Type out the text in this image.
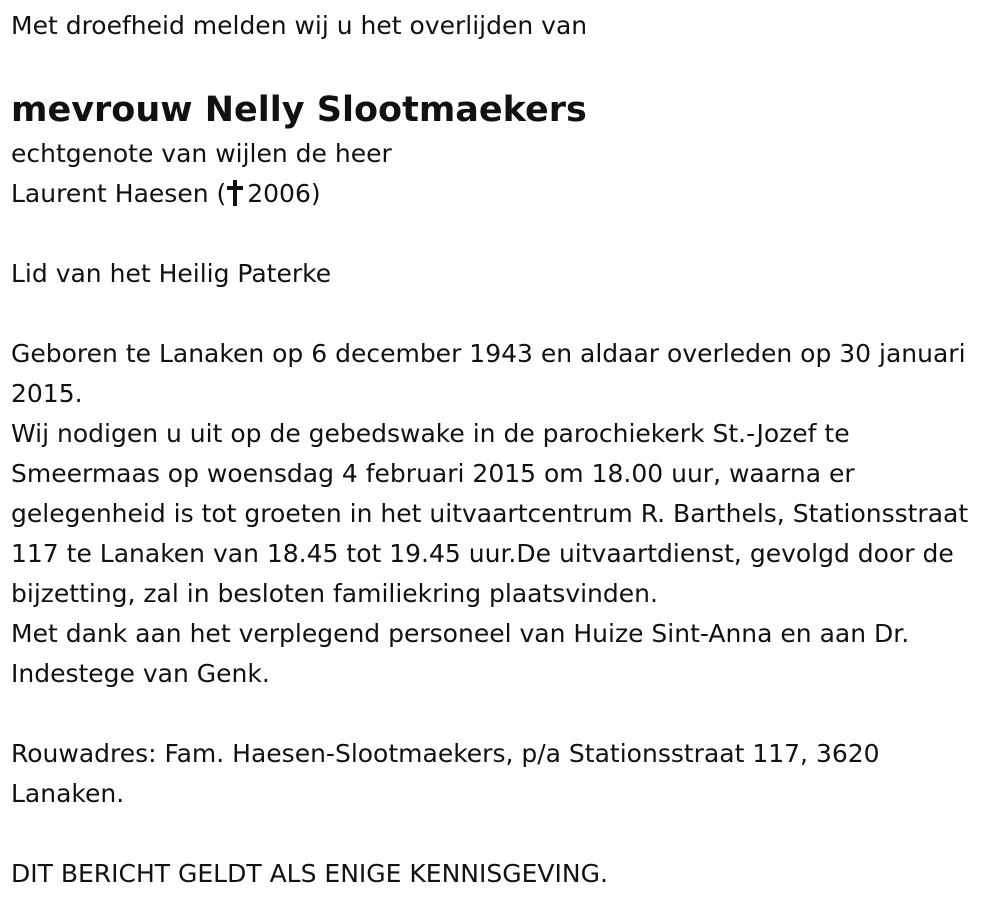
Met droefheid melden wij u het overlijden van
mevrouw Nelly Slootmaekers
echtgenote van wijlen de heer
Laurent Haesen ( 2006)
Lid van het Heilig Paterke
Geboren te Lanaken op 6 december 1943 en aldaar overleden op 30 januari 2015.
Wij nodigen u uit op de gebedswake in de parochiekerk St.-Jozef te Smeermaas op woensdag 4 februari 2015 om 18.00 uur, waarna er gelegenheid is tot groeten in het uitvaartcentrum R. Barthels, Stationsstraat 117 te Lanaken van 18.45 tot 19.45 uur.De uitvaartdienst, gevolgd door de bijzetting, zal in besloten familiekring plaatsvinden.
Met dank aan het verplegend personeel van Huize Sint-Anna en aan Dr. Indestege van Genk.
Rouwadres: Fam. Haesen-Slootmaekers, p/a Stationsstraat 117, 3620 Lanaken.
DIT BERICHT GELDT ALS ENIGE KENNISGEVING.
